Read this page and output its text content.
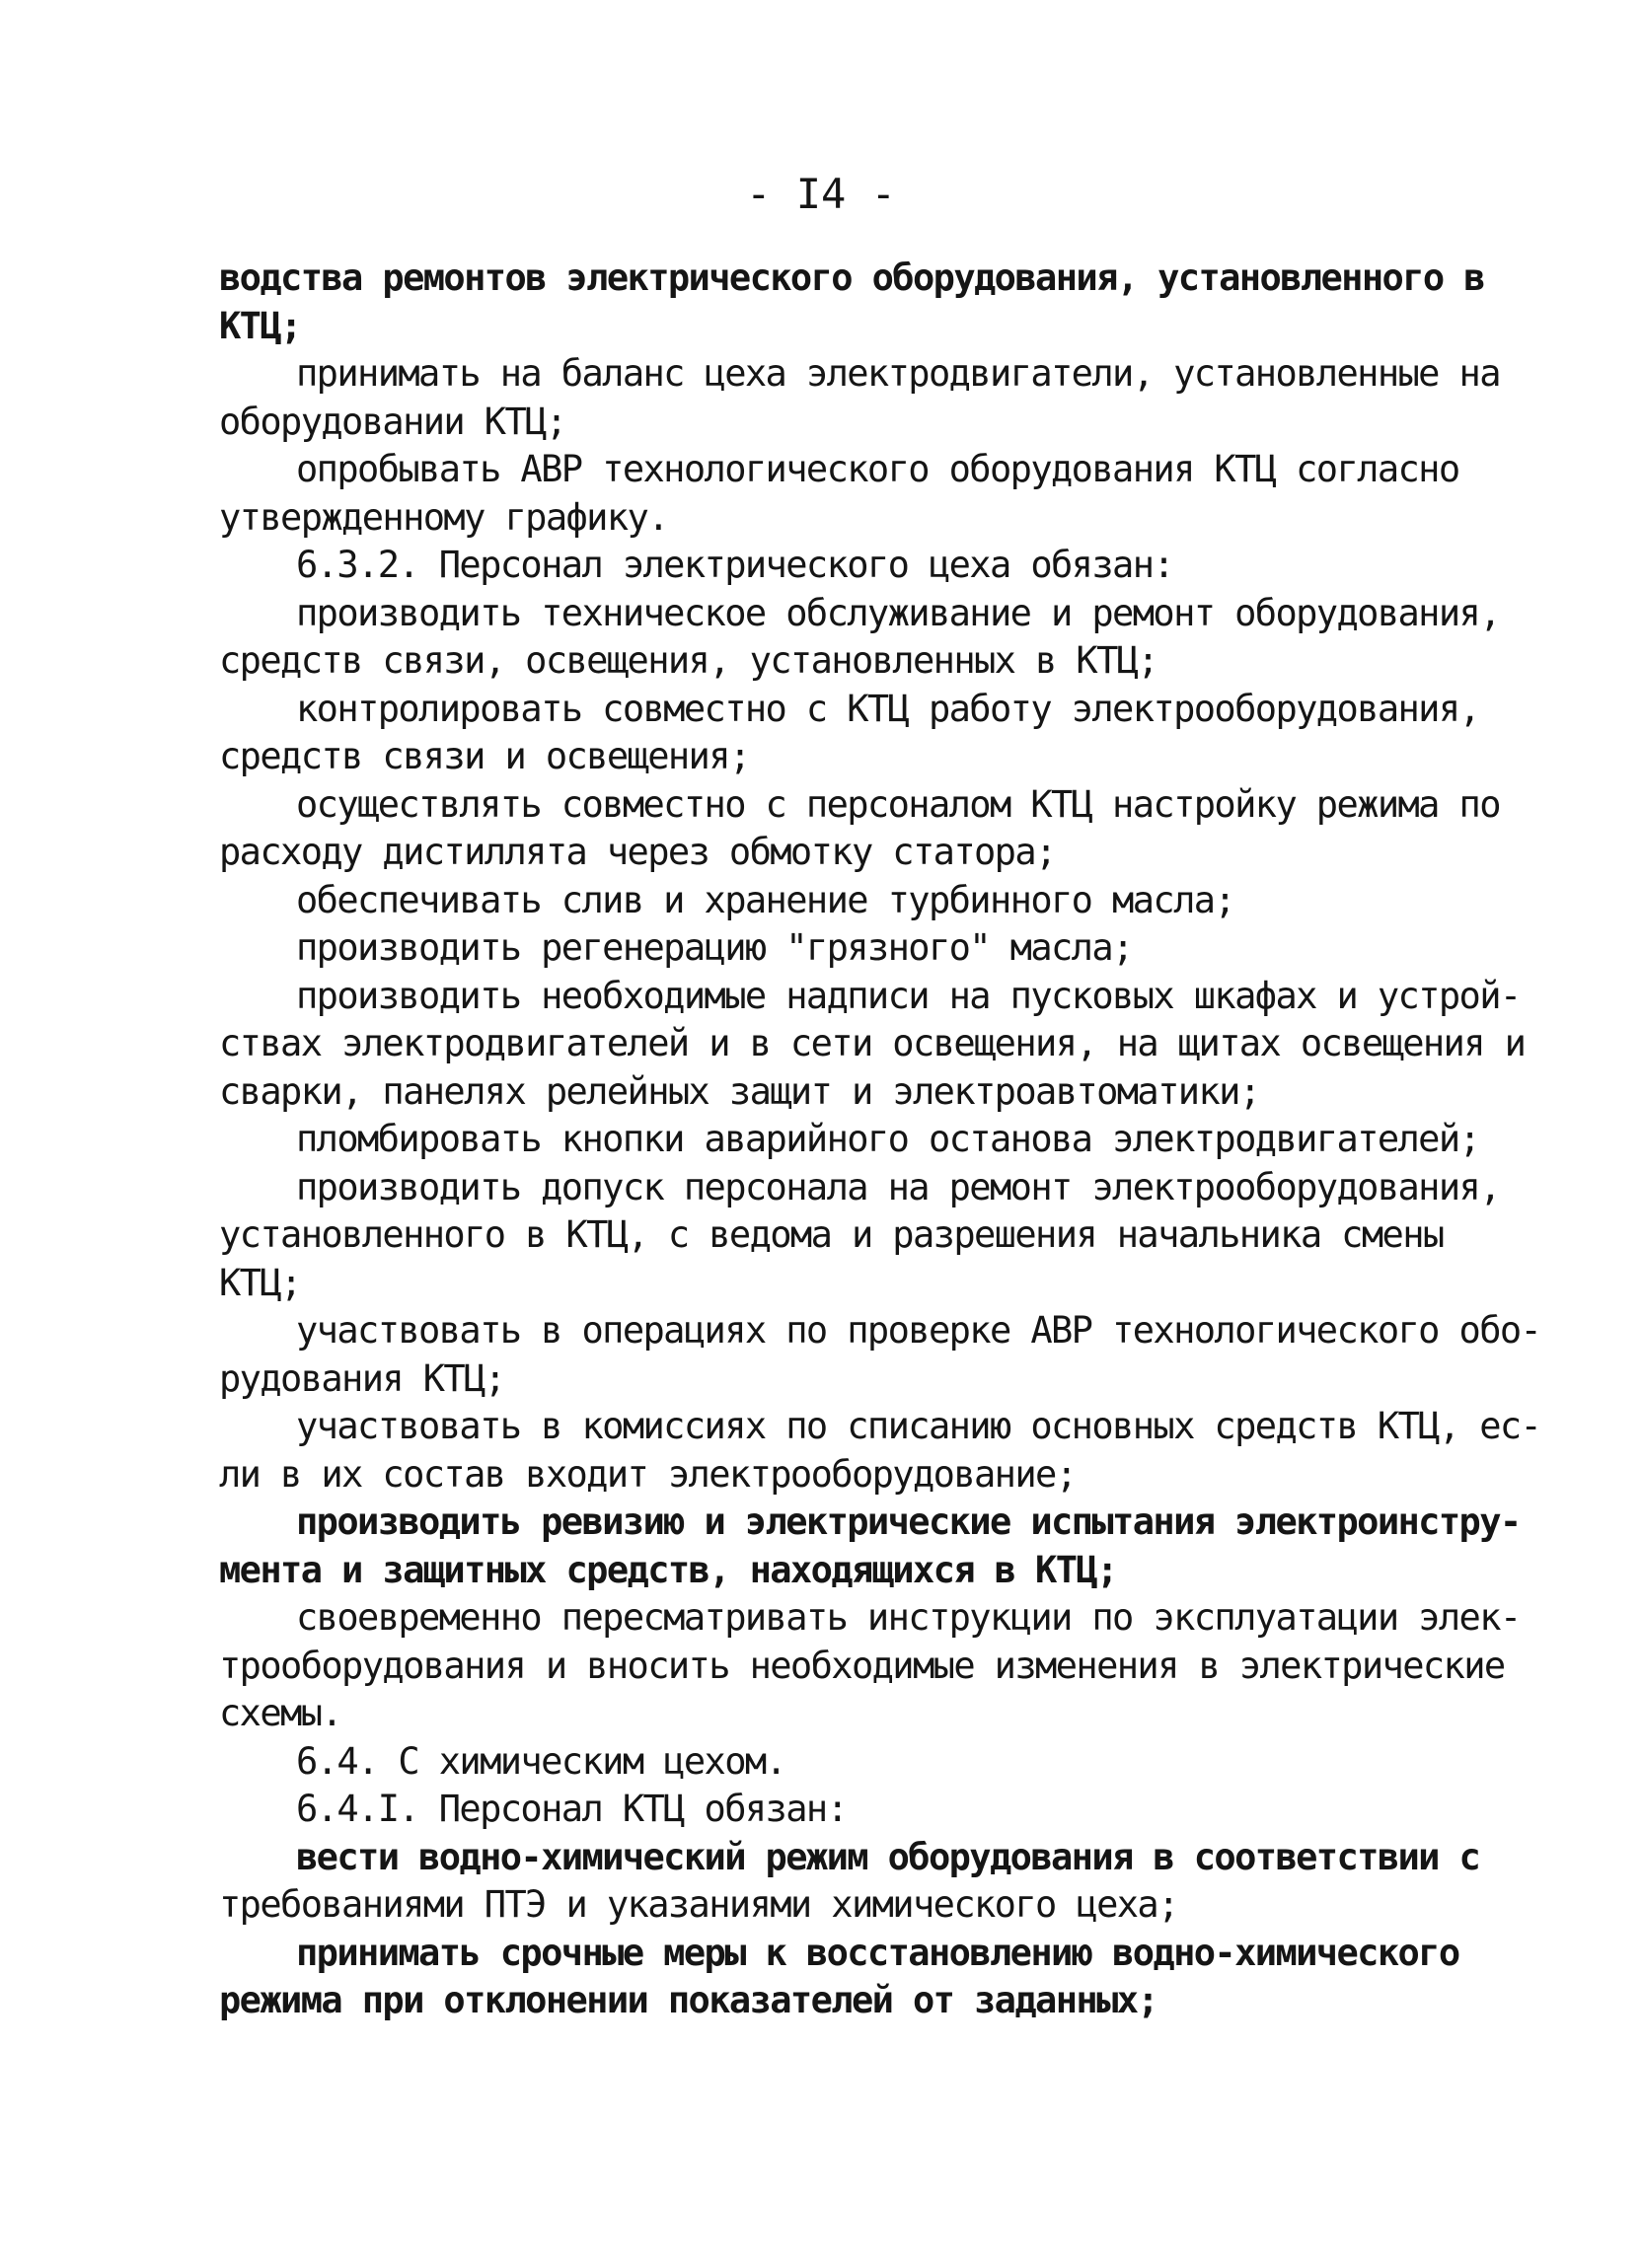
- I4 -
водства ремонтов электрического оборудования, установленного в
КТЦ;
принимать на баланс цеха электродвигатели, установленные на
оборудовании КТЦ;
опробывать АВР технологического оборудования КТЦ согласно
утвержденному графику.
6.3.2. Персонал электрического цеха обязан:
производить техническое обслуживание и ремонт оборудования,
средств связи, освещения, установленных в КТЦ;
контролировать совместно с КТЦ работу электрооборудования,
средств связи и освещения;
осуществлять совместно с персоналом КТЦ настройку режима по
расходу дистиллята через обмотку статора;
обеспечивать слив и хранение турбинного масла;
производить регенерацию "грязного" масла;
производить необходимые надписи на пусковых шкафах и устрой-
ствах электродвигателей и в сети освещения, на щитах освещения и
сварки, панелях релейных защит и электроавтоматики;
пломбировать кнопки аварийного останова электродвигателей;
производить допуск персонала на ремонт электрооборудования,
установленного в КТЦ, с ведома и разрешения начальника смены
КТЦ;
участвовать в операциях по проверке АВР технологического обо-
рудования КТЦ;
участвовать в комиссиях по списанию основных средств КТЦ, ес-
ли в их состав входит электрооборудование;
производить ревизию и электрические испытания электроинстру-
мента и защитных средств, находящихся в КТЦ;
своевременно пересматривать инструкции по эксплуатации элек-
трооборудования и вносить необходимые изменения в электрические
схемы.
6.4. С химическим цехом.
6.4.I. Персонал КТЦ обязан:
вести водно-химический режим оборудования в соответствии с
требованиями ПТЭ и указаниями химического цеха;
принимать срочные меры к восстановлению водно-химического
режима при отклонении показателей от заданных;
